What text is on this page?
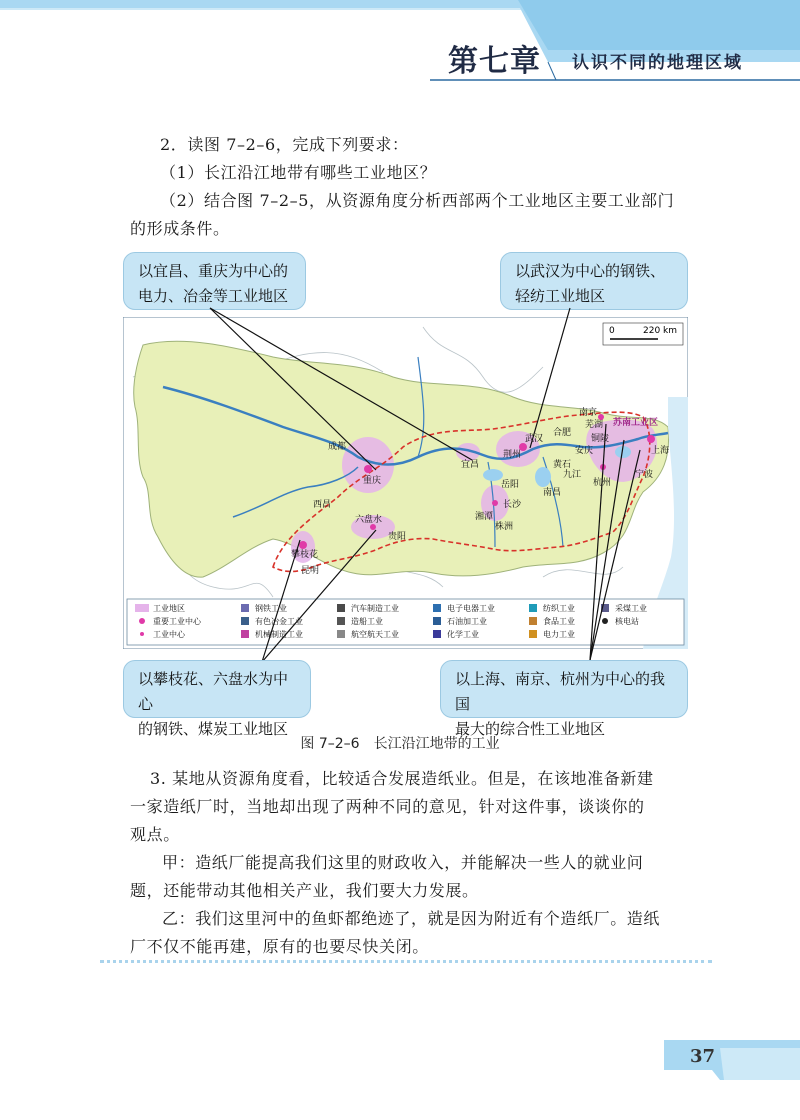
第七章 认识不同的地理区域
2．读图 7–2–6，完成下列要求：
（1）长江沿江地带有哪些工业地区？
（2）结合图 7–2–5，从资源角度分析西部两个工业地区主要工业部门
的形成条件。
以宜昌、重庆为中心的
电力、冶金等工业地区
以武汉为中心的钢铁、
轻纺工业地区
0	220 km
成都
重庆
西昌
攀枝花
昆明
六盘水
贵阳
宜昌
武汉
荆州
岳阳
长沙
湘潭
株洲
黄石
九江
南昌
安庆
合肥
铜陵
芜湖
南京
上海
杭州
宁波
苏南工业区
工业地区	钢铁工业	汽车制造工业	电子电器工业	纺织工业	采煤工业
重要工业中心	有色冶金工业	造船工业	石油加工业	食品工业	核电站
工业中心	机械制造工业	航空航天工业	化学工业	电力工业
以攀枝花、六盘水为中心
的钢铁、煤炭工业地区
以上海、南京、杭州为中心的我国
最大的综合性工业地区
图 7–2–6　长江沿江地带的工业
3. 某地从资源角度看，比较适合发展造纸业。但是，在该地准备新建
一家造纸厂时，当地却出现了两种不同的意见，针对这件事，谈谈你的
观点。
甲：造纸厂能提高我们这里的财政收入，并能解决一些人的就业问
题，还能带动其他相关产业，我们要大力发展。
乙：我们这里河中的鱼虾都绝迹了，就是因为附近有个造纸厂。造纸
厂不仅不能再建，原有的也要尽快关闭。
37
